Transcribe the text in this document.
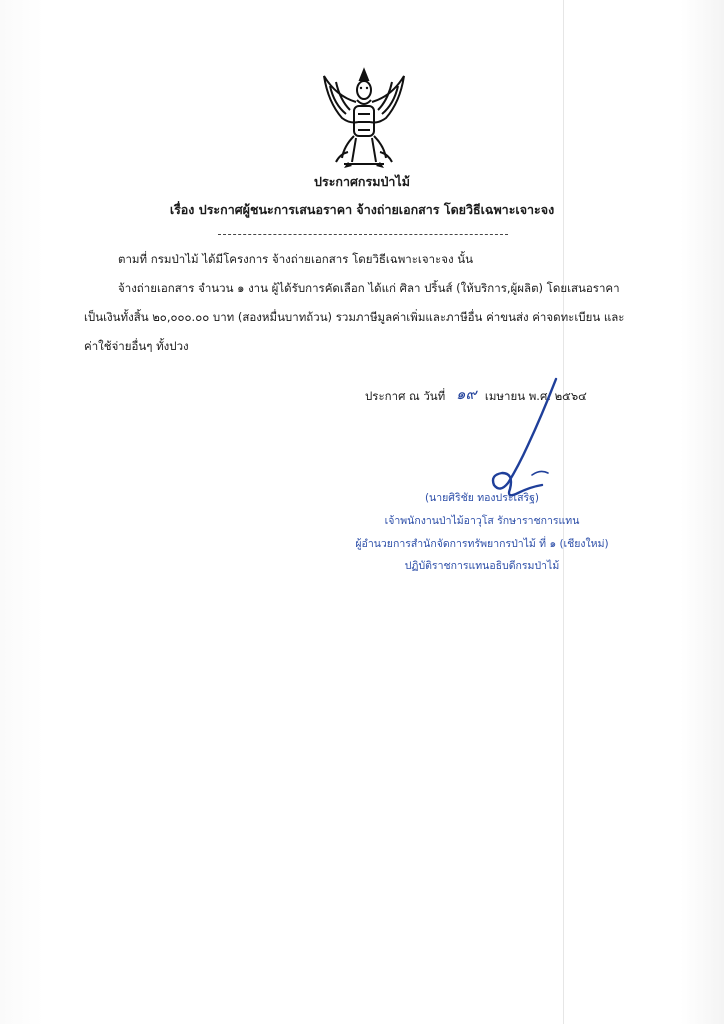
ประกาศกรมป่าไม้
เรื่อง ประกาศผู้ชนะการเสนอราคา จ้างถ่ายเอกสาร โดยวิธีเฉพาะเจาะจง
ตามที่ กรมป่าไม้ ได้มีโครงการ จ้างถ่ายเอกสาร โดยวิธีเฉพาะเจาะจง นั้น
จ้างถ่ายเอกสาร จำนวน ๑ งาน ผู้ได้รับการคัดเลือก ได้แก่ ศิลา ปริ้นส์ (ให้บริการ,ผู้ผลิต) โดยเสนอราคา
เป็นเงินทั้งสิ้น ๒๐,๐๐๐.๐๐ บาท (สองหมื่นบาทถ้วน) รวมภาษีมูลค่าเพิ่มและภาษีอื่น ค่าขนส่ง ค่าจดทะเบียน และ
ค่าใช้จ่ายอื่นๆ ทั้งปวง
ประกาศ ณ วันที่	เมษายน พ.ศ. ๒๕๖๔
๑๙
(นายศิริชัย ทองประเสริฐ)
เจ้าพนักงานป่าไม้อาวุโส รักษาราชการแทน
ผู้อำนวยการสำนักจัดการทรัพยากรป่าไม้ ที่ ๑ (เชียงใหม่)
ปฏิบัติราชการแทนอธิบดีกรมป่าไม้
